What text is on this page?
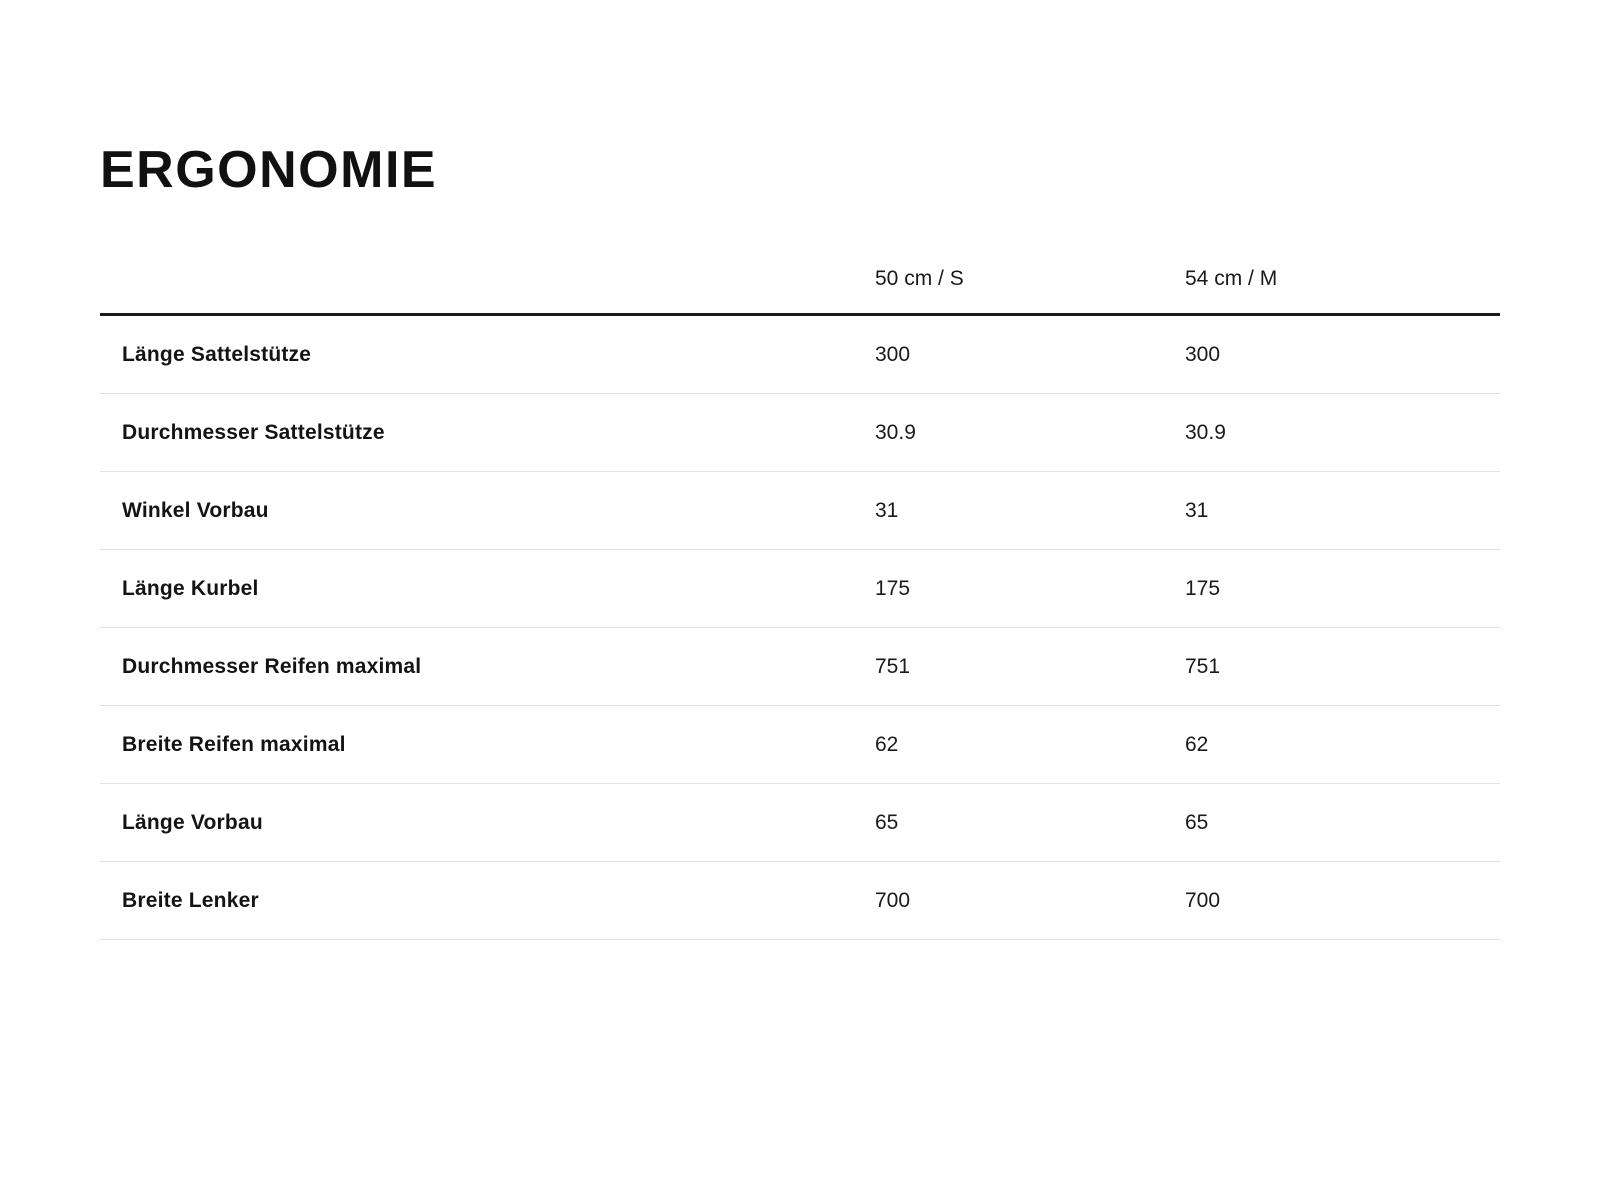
ERGONOMIE
	50 cm / S	54 cm / M
Länge Sattelstütze	300	300
Durchmesser Sattelstütze	30.9	30.9
Winkel Vorbau	31	31
Länge Kurbel	175	175
Durchmesser Reifen maximal	751	751
Breite Reifen maximal	62	62
Länge Vorbau	65	65
Breite Lenker	700	700
